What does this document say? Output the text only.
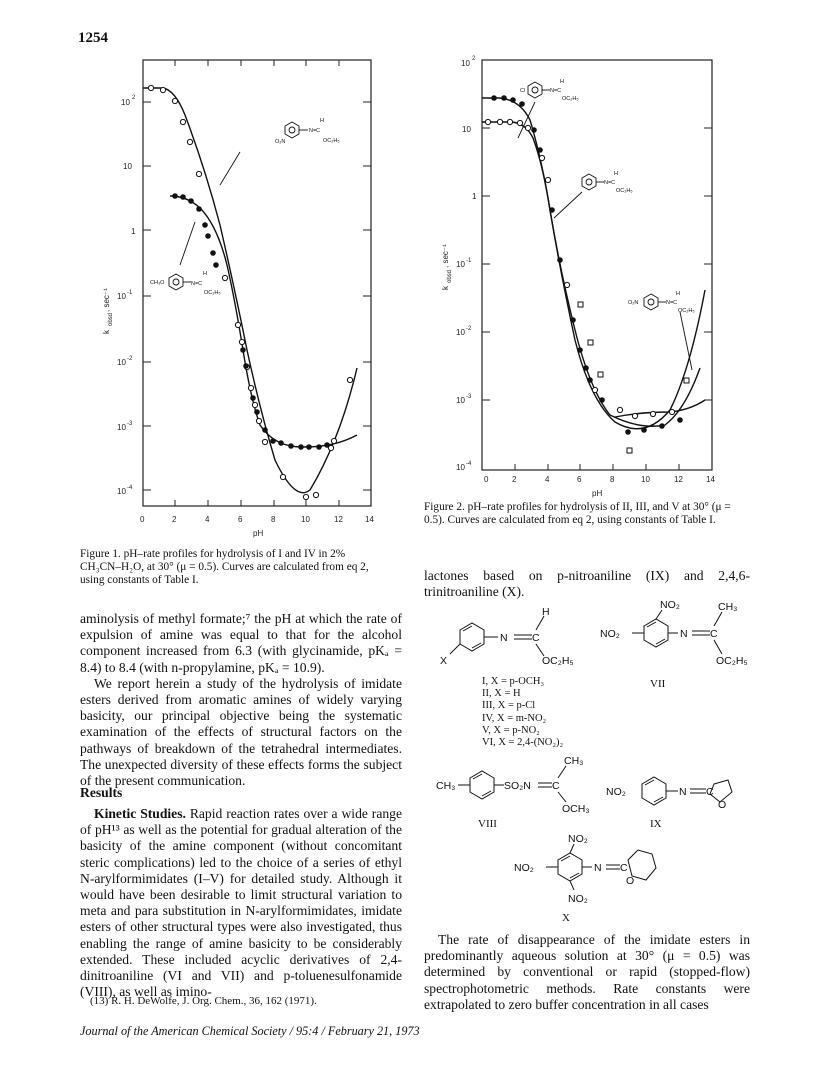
1254
10 2
10
1
10 -1
10 -2
10 -3
10 -4
0	2	4	6	8	10	12	14
pH
k
obsd
, sec⁻¹
O₂N
N=C
H
OC₂H₅
CH₃O	N=C
H
OC₂H₅
Figure 1. pH–rate profiles for hydrolysis of I and IV in 2% CH₃CN–H₂O, at 30° (μ = 0.5). Curves are calculated from eq 2, using constants of Table I.
10 2
10
1
10 -1
10 -2
10 -3
10 -4
0	2	4	6	8	10	12	14
pH
k
obsd
, sec⁻¹
Cl	N=C
H
OC₂H₅
N=C
H
OC₂H₅
O₂N	N=C
H
OC₂H₅
Figure 2. pH–rate profiles for hydrolysis of II, III, and V at 30° (μ = 0.5). Curves are calculated from eq 2, using constants of Table I.

aminolysis of methyl formate;⁷ the pH at which the rate of expulsion of amine was equal to that for the alcohol component increased from 6.3 (with glycinamide, pKₐ = 8.4) to 8.4 (with n-propylamine, pKₐ = 10.9).

We report herein a study of the hydrolysis of imidate esters derived from aromatic amines of widely varying basicity, our principal objective being the systematic examination of the effects of structural factors on the pathways of breakdown of the tetrahedral intermediates. The unexpected diversity of these effects forms the subject of the present communication.

Results

Kinetic Studies. Rapid reaction rates over a wide range of pH¹³ as well as the potential for gradual alteration of the basicity of the amine component (without concomitant steric complications) led to the choice of a series of ethyl N-arylformimidates (I–V) for detailed study. Although it would have been desirable to limit structural variation to meta and para substitution in N-arylformimidates, imidate esters of other structural types were also investigated, thus enabling the range of amine basicity to be considerably extended. These included acyclic derivatives of 2,4-dinitroaniline (VI and VII) and p-toluenesulfonamide (VIII), as well as imino-

(13) R. H. DeWolfe, J. Org. Chem., 36, 162 (1971).
Journal of the American Chemical Society / 95:4 / February 21, 1973
lactones based on p-nitroaniline (IX) and 2,4,6-trinitroaniline (X).
N C
H
OC₂H₅
X
I, X = p-OCH₃
II, X = H
III, X = p-Cl
IV, X = m-NO₂
V, X = p-NO₂
VI, X = 2,4-(NO₂)₂
NO₂
NO₂	N C
CH₃
OC₂H₅
VII
CH₃	SO₂N C
CH₃
OCH₃
VIII
NO₂	N C
O
IX
NO₂
NO₂	N C
O
NO₂
X

The rate of disappearance of the imidate esters in predominantly aqueous solution at 30° (μ = 0.5) was determined by conventional or rapid (stopped-flow) spectrophotometric methods. Rate constants were extrapolated to zero buffer concentration in all cases
